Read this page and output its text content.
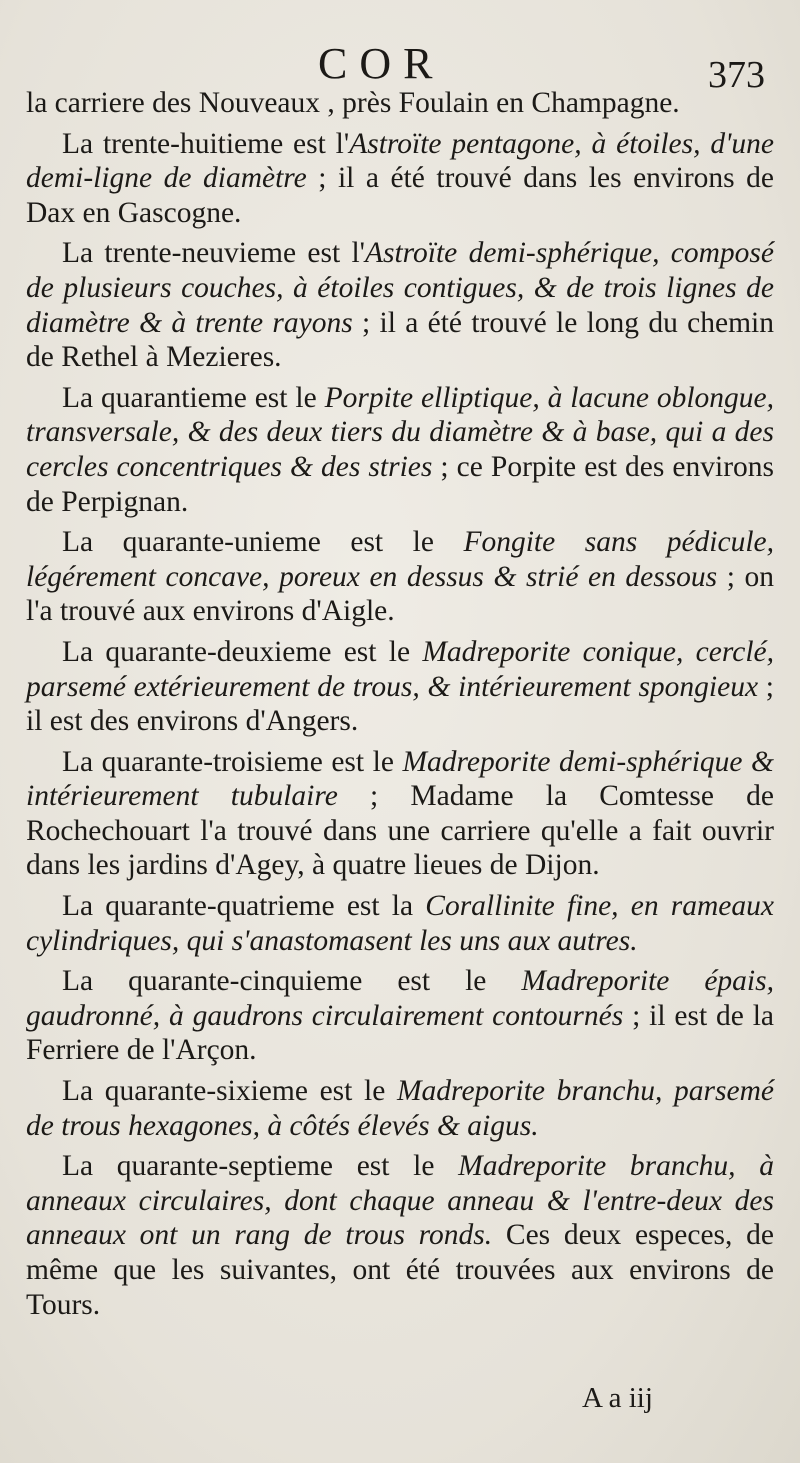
COR	373

la carriere des Nouveaux , près Foulain en Champagne.

La trente-huitieme est l'Astroïte pentagone, à étoiles, d'une demi-ligne de diamètre ; il a été trouvé dans les environs de Dax en Gascogne.

La trente-neuvieme est l'Astroïte demi-sphérique, composé de plusieurs couches, à étoiles contigues, & de trois lignes de diamètre & à trente rayons ; il a été trouvé le long du chemin de Rethel à Mezieres.

La quarantieme est le Porpite elliptique, à lacune oblongue, transversale, & des deux tiers du diamètre & à base, qui a des cercles concentriques & des stries ; ce Porpite est des environs de Perpignan.

La quarante-unieme est le Fongite sans pédicule, légérement concave, poreux en dessus & strié en dessous ; on l'a trouvé aux environs d'Aigle.

La quarante-deuxieme est le Madreporite conique, cerclé, parsemé extérieurement de trous, & intérieurement spongieux ; il est des environs d'Angers.

La quarante-troisieme est le Madreporite demi-sphérique & intérieurement tubulaire ; Madame la Comtesse de Rochechouart l'a trouvé dans une carriere qu'elle a fait ouvrir dans les jardins d'Agey, à quatre lieues de Dijon.

La quarante-quatrieme est la Corallinite fine, en rameaux cylindriques, qui s'anastomasent les uns aux autres.

La quarante-cinquieme est le Madreporite épais, gaudronné, à gaudrons circulairement contournés ; il est de la Ferriere de l'Arçon.

La quarante-sixieme est le Madreporite branchu, parsemé de trous hexagones, à côtés élevés & aigus.

La quarante-septieme est le Madreporite branchu, à anneaux circulaires, dont chaque anneau & l'entre-deux des anneaux ont un rang de trous ronds. Ces deux especes, de même que les suivantes, ont été trouvées aux environs de Tours.

A a iij
